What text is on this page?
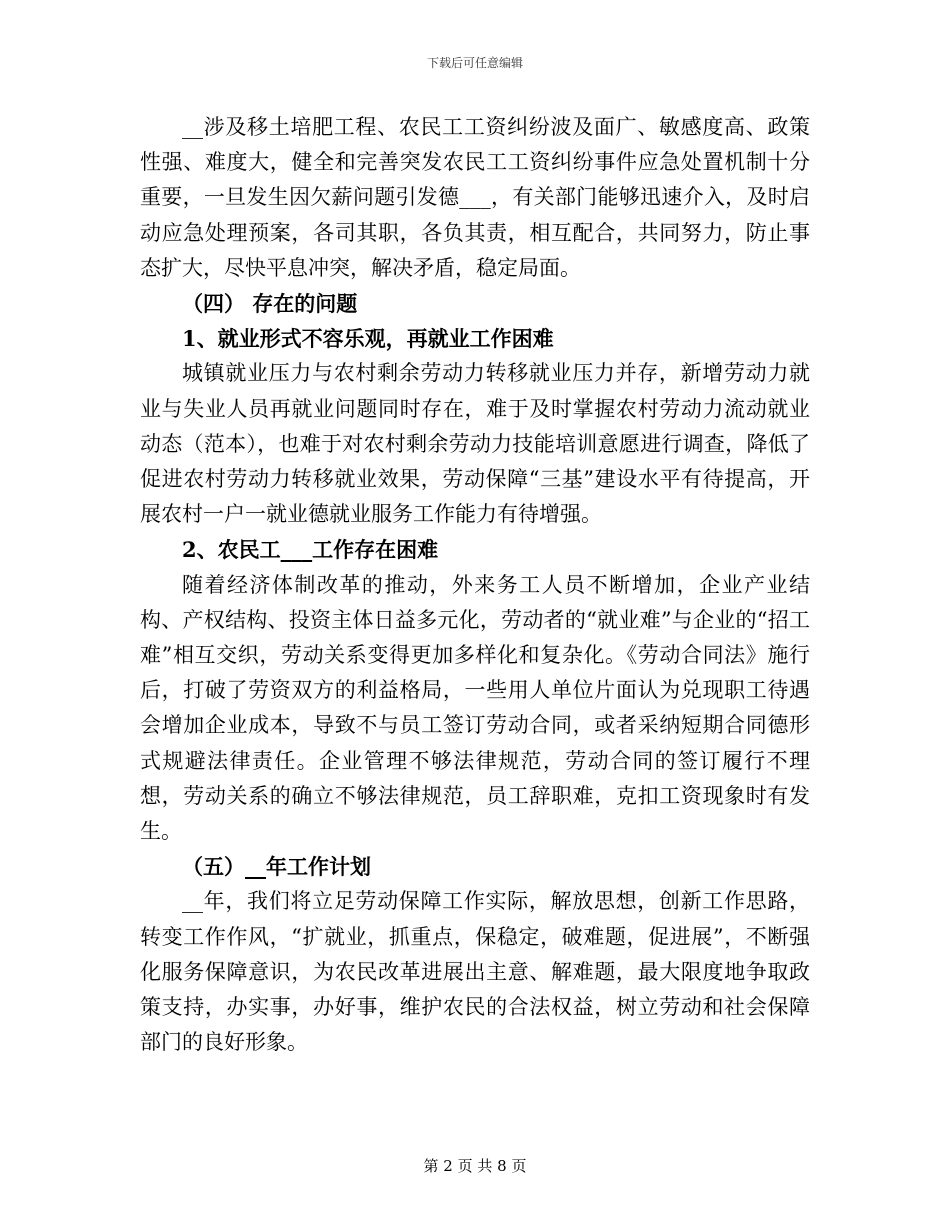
下载后可任意编辑

__涉及移土培肥工程、农民工工资纠纷波及面广、敏感度高、政策性强、难度大，健全和完善突发农民工工资纠纷事件应急处置机制十分重要，一旦发生因欠薪问题引发德___，有关部门能够迅速介入，及时启动应急处理预案，各司其职，各负其责，相互配合，共同努力，防止事态扩大，尽快平息冲突，解决矛盾，稳定局面。

（四） 存在的问题

1、就业形式不容乐观，再就业工作困难

城镇就业压力与农村剩余劳动力转移就业压力并存，新增劳动力就业与失业人员再就业问题同时存在，难于及时掌握农村劳动力流动就业动态（范本），也难于对农村剩余劳动力技能培训意愿进行调查，降低了促进农村劳动力转移就业效果，劳动保障“三基”建设水平有待提高，开展农村一户一就业德就业服务工作能力有待增强。

2、农民工___工作存在困难

随着经济体制改革的推动，外来务工人员不断增加，企业产业结构、产权结构、投资主体日益多元化，劳动者的“就业难”与企业的“招工难”相互交织，劳动关系变得更加多样化和复杂化。《劳动合同法》施行后，打破了劳资双方的利益格局，一些用人单位片面认为兑现职工待遇会增加企业成本，导致不与员工签订劳动合同，或者采纳短期合同德形式规避法律责任。企业管理不够法律规范，劳动合同的签订履行不理想，劳动关系的确立不够法律规范，员工辞职难，克扣工资现象时有发生。

（五）__年工作计划

__年，我们将立足劳动保障工作实际，解放思想，创新工作思路，转变工作作风，“扩就业，抓重点，保稳定，破难题，促进展”，不断强化服务保障意识，为农民改革进展出主意、解难题，最大限度地争取政策支持，办实事，办好事，维护农民的合法权益，树立劳动和社会保障部门的良好形象。

第 2 页 共 8 页
